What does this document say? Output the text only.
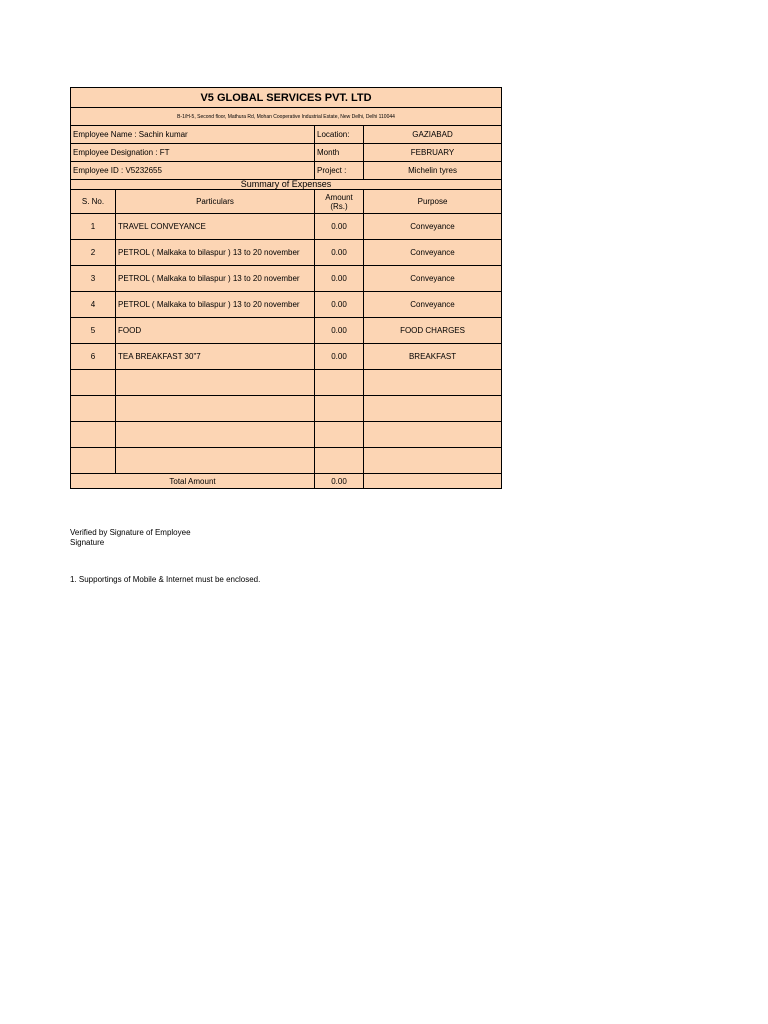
V5 GLOBAL SERVICES PVT. LTD			
B-1/H-5, Second floor, Mathura Rd, Mohan Cooperative Industrial Estate, New Delhi, Delhi 110044			
Employee Name : Sachin kumar		Location:	GAZIABAD
Employee Designation : FT		Month	FEBRUARY
Employee ID : V5232655		Project :	Michelin tyres
Summary of Expenses			
S. No.	Particulars	Amount (Rs.)	Purpose
1	TRAVEL CONVEYANCE	0.00	Conveyance
2	PETROL ( Malkaka to bilaspur ) 13 to 20 november	0.00	Conveyance
3	PETROL ( Malkaka to bilaspur ) 13 to 20 november	0.00	Conveyance
4	PETROL ( Malkaka to bilaspur ) 13 to 20 november	0.00	Conveyance
5	FOOD	0.00	FOOD CHARGES
6	TEA BREAKFAST 30"7	0.00	BREAKFAST

Total Amount		0.00	
Verified by Signature of Employee
Signature
1. Supportings of Mobile & Internet must be enclosed.
